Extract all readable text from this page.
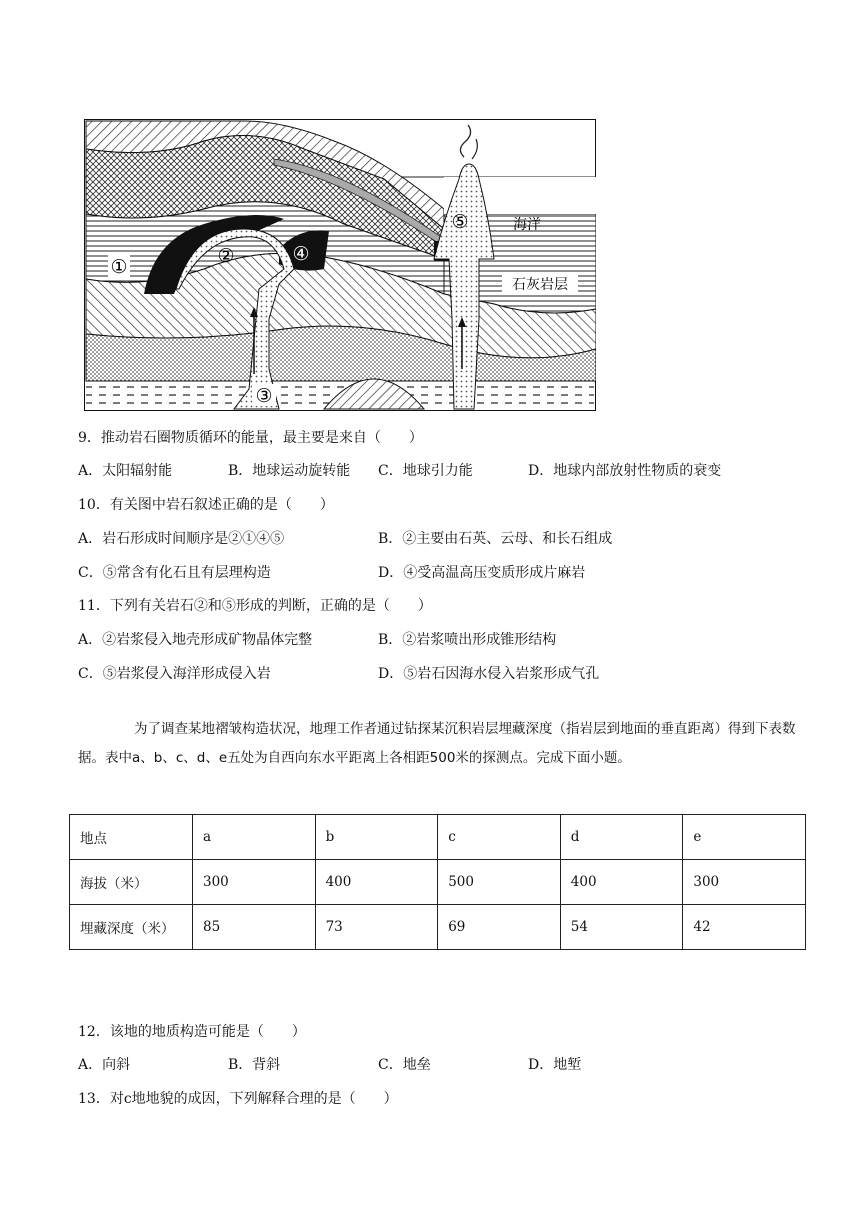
①	②
③
④
⑤	海洋
石灰岩层
9．推动岩石圈物质循环的能量，最主要是来自（　　）
A．太阳辐射能	B．地球运动旋转能 C．地球引力能	D．地球内部放射性物质的衰变
10．有关图中岩石叙述正确的是（　　）
A．岩石形成时间顺序是②①④⑤	B．②主要由石英、云母、和长石组成
C．⑤常含有化石且有层理构造	D．④受高温高压变质形成片麻岩
11．下列有关岩石②和⑤形成的判断，正确的是（　　）
A．②岩浆侵入地壳形成矿物晶体完整	B．②岩浆喷出形成锥形结构
C．⑤岩浆侵入海洋形成侵入岩	D．⑤岩石因海水侵入岩浆形成气孔

为了调查某地褶皱构造状况，地理工作者通过钻探某沉积岩层埋藏深度（指岩层到地面的垂直距离）得到下表数据。表中a、b、c、d、e五处为自西向东水平距离上各相距500米的探测点。完成下面小题。

地点	a	b	c	d	e
海拔（米）	300	400	500	400	300
埋藏深度（米）	85	73	69	54	42
12．该地的地质构造可能是（　　）
A．向斜	B．背斜	C．地垒	D．地堑
13．对c地地貌的成因，下列解释合理的是（　　）
